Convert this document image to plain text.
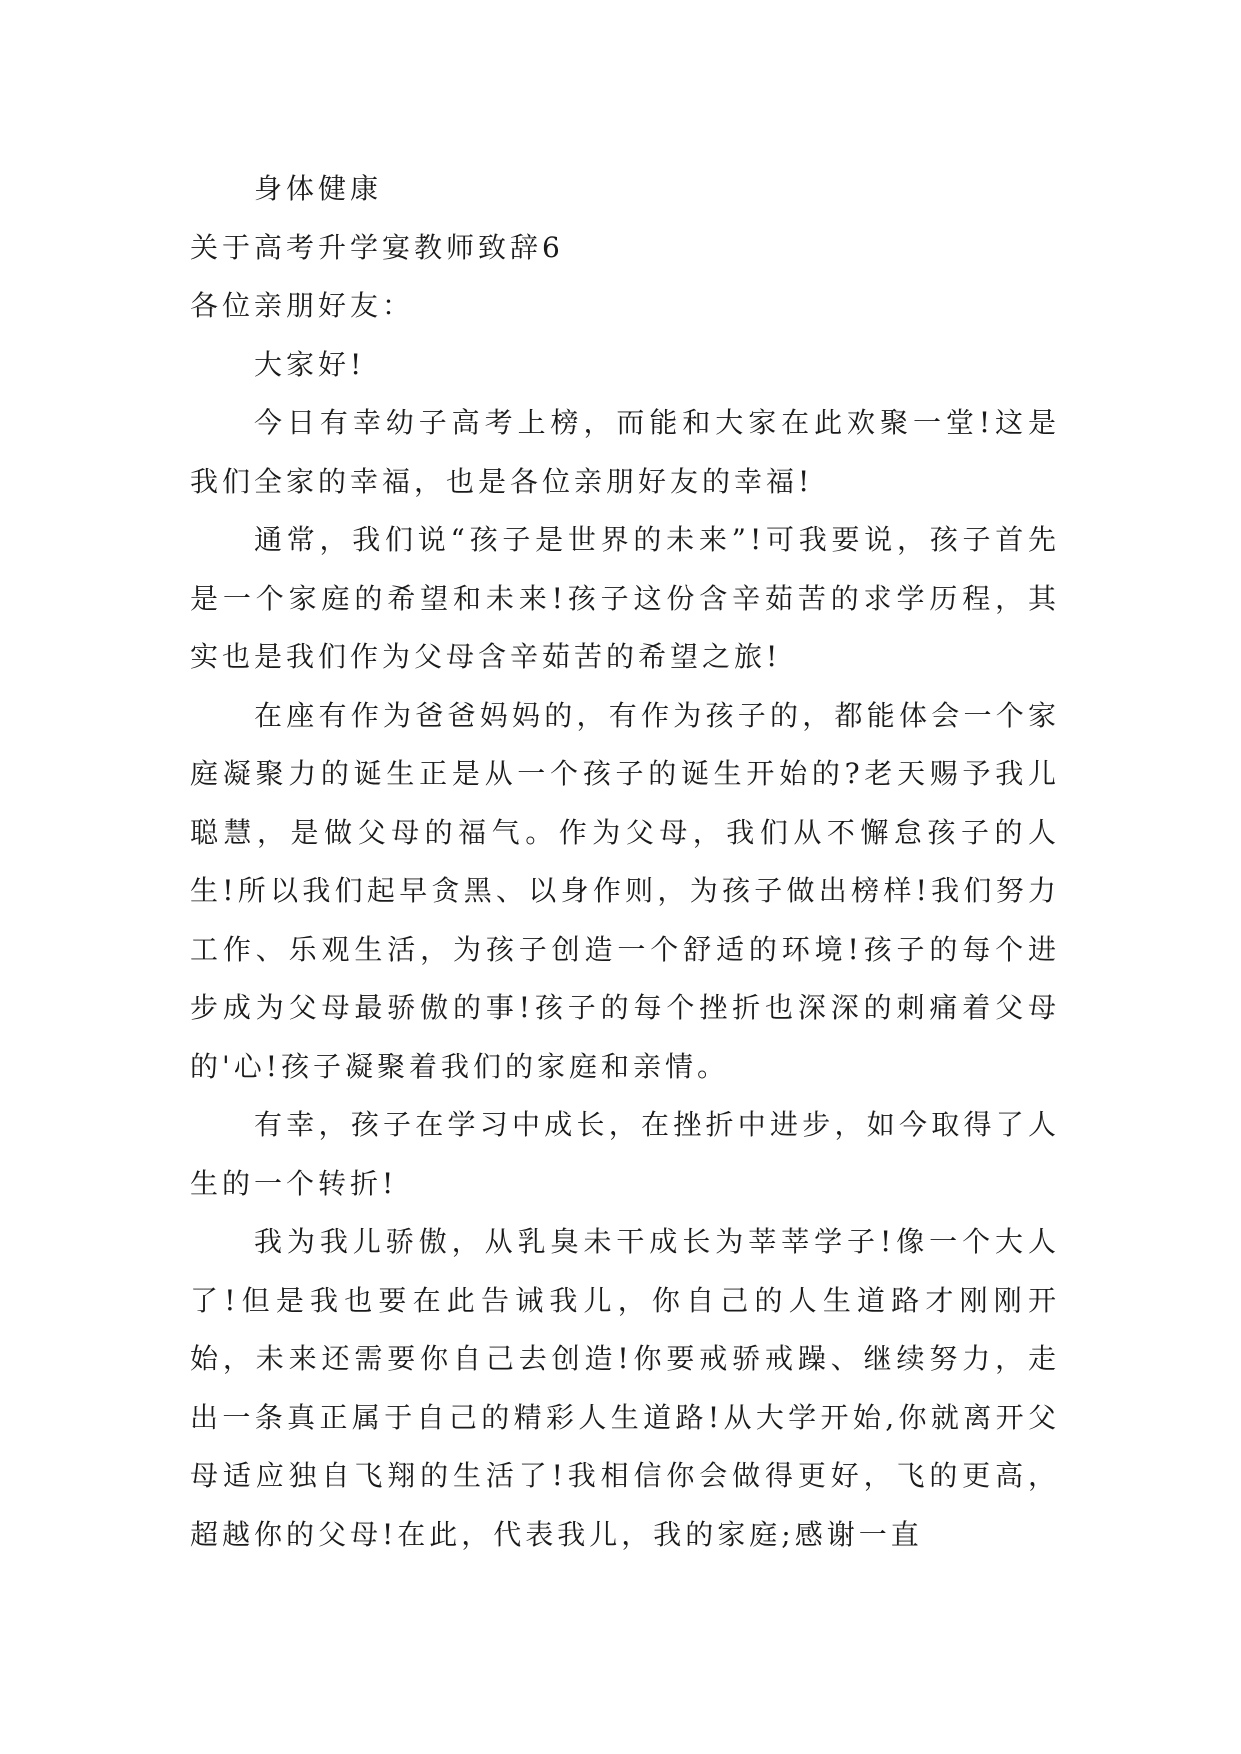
身体健康

关于高考升学宴教师致辞6

各位亲朋好友：

大家好!

今日有幸幼子高考上榜，而能和大家在此欢聚一堂!这是我们全家的幸福，也是各位亲朋好友的幸福!

通常，我们说“孩子是世界的未来”!可我要说，孩子首先是一个家庭的希望和未来!孩子这份含辛茹苦的求学历程，其实也是我们作为父母含辛茹苦的希望之旅!

在座有作为爸爸妈妈的，有作为孩子的，都能体会一个家庭凝聚力的诞生正是从一个孩子的诞生开始的?老天赐予我儿聪慧，是做父母的福气。作为父母，我们从不懈怠孩子的人生!所以我们起早贪黑、以身作则，为孩子做出榜样!我们努力工作、乐观生活，为孩子创造一个舒适的环境!孩子的每个进步成为父母最骄傲的事!孩子的每个挫折也深深的刺痛着父母的'心!孩子凝聚着我们的家庭和亲情。

有幸，孩子在学习中成长，在挫折中进步，如今取得了人生的一个转折!

我为我儿骄傲，从乳臭未干成长为莘莘学子!像一个大人了!但是我也要在此告诫我儿，你自己的人生道路才刚刚开始，未来还需要你自己去创造!你要戒骄戒躁、继续努力，走出一条真正属于自己的精彩人生道路!从大学开始,你就离开父母适应独自飞翔的生活了!我相信你会做得更好，飞的更高，超越你的父母!在此，代表我儿，我的家庭;感谢一直
